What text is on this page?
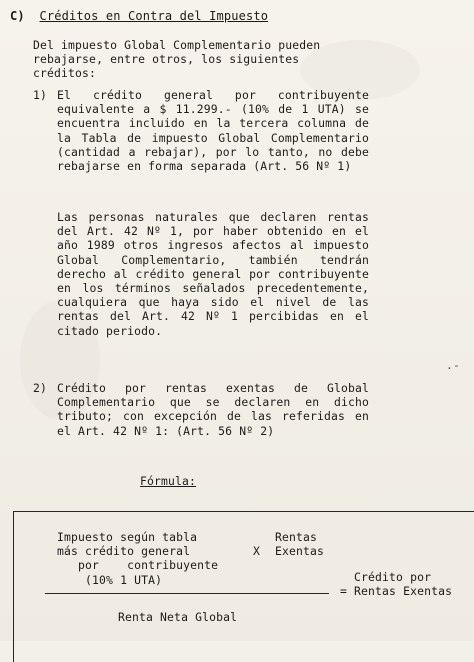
C) Créditos en Contra del Impuesto

Del impuesto Global Complementario pueden
rebajarse, entre otros, los siguientes
créditos:

1) El crédito general por contribuyente equivalente a $ 11.299.- (10% de 1 UTA) se encuentra incluido en la tercera columna de la Tabla de impuesto Global Complementario (cantidad a rebajar), por lo tanto, no debe rebajarse en forma separada (Art. 56 Nº 1)

Las personas naturales que declaren rentas del Art. 42 Nº 1, por haber obtenido en el año 1989 otros ingresos afectos al impuesto Global Complementario, también tendrán derecho al crédito general por contribuyente en los términos señalados precedentemente, cualquiera que haya sido el nivel de las rentas del Art. 42 Nº 1 percibidas en el citado periodo.

.-

2) Crédito por rentas exentas de Global Complementario que se declaren en dicho tributo; con excepción de las referidas en el Art. 42 Nº 1: (Art. 56 Nº 2)

Fórmula:

Impuesto según tabla
más crédito general
por    contribuyente
(10% 1 UTA)

X

Rentas
Exentas

Renta Neta Global

Crédito por
= Rentas Exentas
